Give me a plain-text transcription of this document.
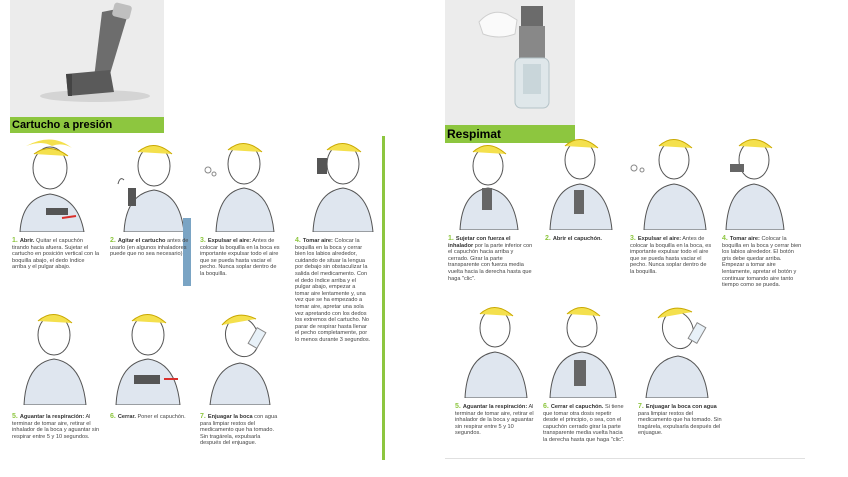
Cartucho a presión
1. Abrir. Quitar el capuchón tirando hacia afuera. Sujetar el cartucho en posición vertical con la boquilla abajo, el dedo índice arriba y el pulgar abajo.
2. Agitar el cartucho antes de usarlo (en algunos inhaladores puede que no sea necesario)
3. Expulsar el aire: Antes de colocar la boquilla en la boca es importante expulsar todo el aire que se pueda hasta vaciar el pecho. Nunca soplar dentro de la boquilla.
4. Tomar aire: Colocar la boquilla en la boca y cerrar bien los labios alrededor, cuidando de situar la lengua por debajo sin obstaculizar la salida del medicamento. Con el dedo índice arriba y el pulgar abajo, empezar a tomar aire lentamente y, una vez que se ha empezado a tomar aire, apretar una sola vez apretando con los dedos los extremos del cartucho. No parar de respirar hasta llenar el pecho completamente, por lo menos durante 3 segundos.
5. Aguantar la respiración: Al terminar de tomar aire, retirar el inhalador de la boca y aguantar sin respirar entre 5 y 10 segundos.
6. Cerrar. Poner el capuchón.	7. Enjuagar la boca con agua para limpiar restos del medicamento que ha tomado. Sin tragárela, expulsarla después del enjuague.
Respimat
1. Sujetar con fuerza el inhalador por la parte inferior con el capuchón hacia arriba y cerrado. Girar la parte transparente con fuerza media vuelta hacia la derecha hasta que haga "clic".
2. Abrir el capuchón.	3. Expulsar el aire: Antes de colocar la boquilla en la boca, es importante expulsar todo el aire que se pueda hasta vaciar el pecho. Nunca soplar dentro de la boquilla.
4. Tomar aire: Colocar la boquilla en la boca y cerrar bien los labios alrededor. El botón gris debe quedar arriba. Empezar a tomar aire lentamente, apretar el botón y continuar tomando aire tanto tiempo como se pueda.
5. Aguantar la respiración: Al terminar de tomar aire, retirar el inhalador de la boca y aguantar sin respirar entre 5 y 10 segundos.
6. Cerrar el capuchón. Si tiene que tomar otra dosis repetir desde el principio, o sea, con el capuchón cerrado girar la parte transparente media vuelta hacia la derecha hasta que haga "clic".
7. Enjuagar la boca con agua para limpiar restos del medicamento que ha tomado. Sin tragárela, expulsarla después del enjuague.
